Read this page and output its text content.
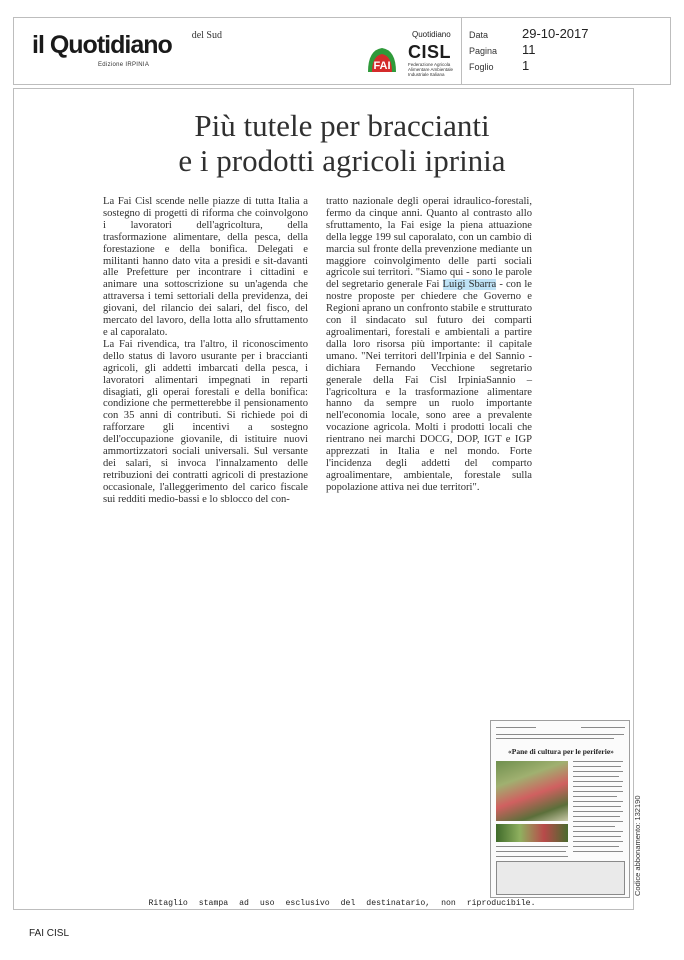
il Quotidiano del Sud
Edizione IRPINIA
Quotidiano
FAI
CISL
Federazione Agricola Alimentare Ambientale Industriale Italiana
Data	29-10-2017
Pagina 11
Foglio 1
Più tutele per braccianti
e i prodotti agricoli iprinia

La Fai Cisl scende nelle piazze di tutta Italia a sostegno di progetti di riforma che coinvolgono i lavoratori dell'agricoltura, della trasformazione alimentare, della pesca, della forestazione e della bonifica. Delegati e militanti hanno dato vita a presidi e sit-davanti alle Prefetture per incontrare i cittadini e animare una sottoscrizione su un'agenda che attraversa i temi settoriali della previdenza, dei giovani, del rilancio dei salari, del fisco, del mercato del lavoro, della lotta allo sfruttamento e al caporalato.

La Fai rivendica, tra l'altro, il riconoscimento dello status di lavoro usurante per i braccianti agricoli, gli addetti imbarcati della pesca, i lavoratori alimentari impegnati in reparti disagiati, gli operai forestali e della bonifica: condizione che permetterebbe il pensionamento con 35 anni di contributi. Si richiede poi di rafforzare gli incentivi a sostegno dell'occupazione giovanile, di istituire nuovi ammortizzatori sociali universali. Sul versante dei salari, si invoca l'innalzamento delle retribuzioni dei contratti agricoli di prestazione occasionale, l'alleggerimento del carico fiscale sui redditi medio-bassi e lo sblocco del con-

tratto nazionale degli operai idraulico-forestali, fermo da cinque anni. Quanto al contrasto allo sfruttamento, la Fai esige la piena attuazione della legge 199 sul caporalato, con un cambio di marcia sul fronte della prevenzione mediante un maggiore coinvolgimento delle parti sociali agricole sui territori. "Siamo qui - sono le parole del segretario generale Fai Luigi Sbarra - con le nostre proposte per chiedere che Governo e Regioni aprano un confronto stabile e strutturato con il sindacato sul futuro dei comparti agroalimentari, forestali e ambientali a partire dalla loro risorsa più importante: il capitale umano. "Nei territori dell'Irpinia e del Sannio - dichiara Fernando Vecchione segretario generale della Fai Cisl IrpiniaSannio – l'agricoltura e la trasformazione alimentare hanno da sempre un ruolo importante nell'economia locale, sono aree a prevalente vocazione agricola. Molti i prodotti locali che rientrano nei marchi DOCG, DOP, IGT e IGP apprezzati in Italia e nel mondo. Forte l'incidenza degli addetti del comparto agroalimentare, ambientale, forestale sulla popolazione attiva nei due territori".

«Pane di cultura per le periferie»
Codice abbonamento: 132190
Ritaglio stampa ad uso esclusivo del destinatario, non riproducibile.
FAI CISL
